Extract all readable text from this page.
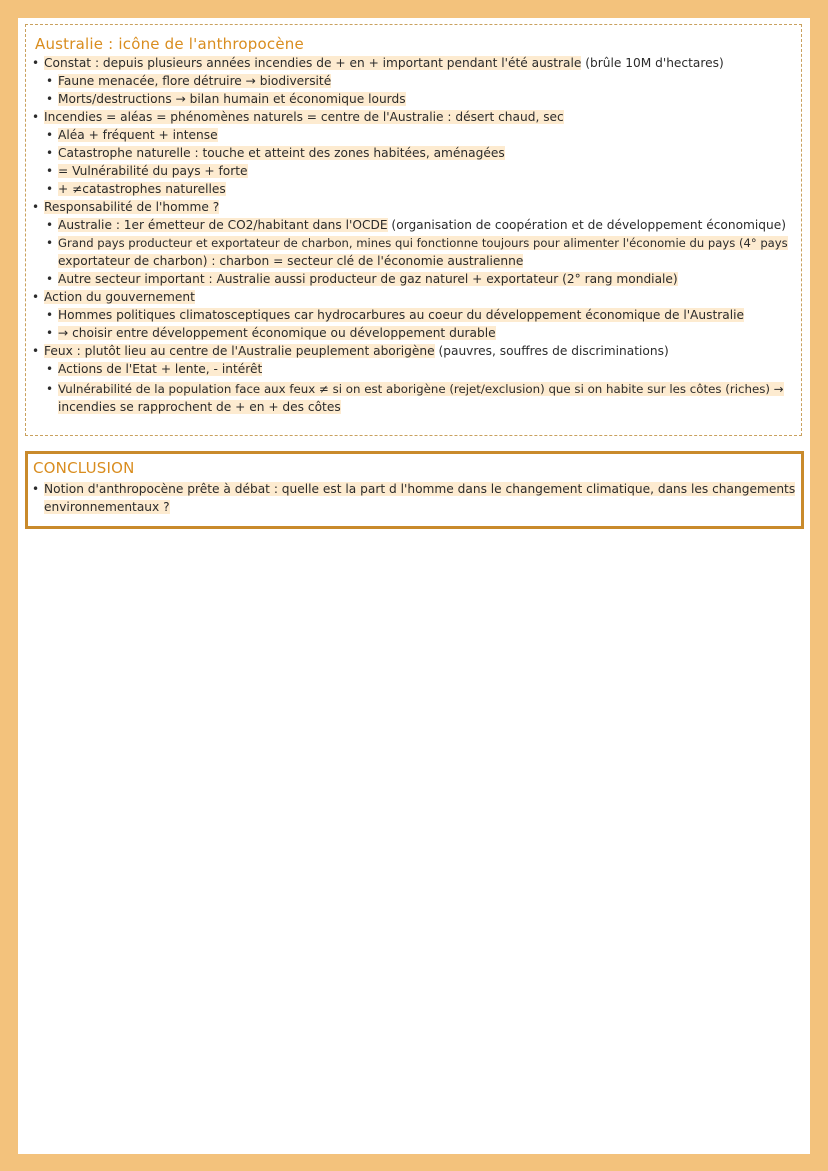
Australie : icône de l'anthropocène
• Constat : depuis plusieurs années incendies de + en + important pendant l'été australe (brûle 10M d'hectares)
• Faune menacée, flore détruire → biodiversité
• Morts/destructions → bilan humain et économique lourds
• Incendies = aléas = phénomènes naturels = centre de l'Australie : désert chaud, sec
• Aléa + fréquent + intense
• Catastrophe naturelle : touche et atteint des zones habitées, aménagées
• = Vulnérabilité du pays + forte
• + ≠catastrophes naturelles
• Responsabilité de l'homme ?
• Australie : 1er émetteur de CO2/habitant dans l'OCDE (organisation de coopération et de développement économique)
• Grand pays producteur et exportateur de charbon, mines qui fonctionne toujours pour alimenter l'économie du pays (4° pays
exportateur de charbon) : charbon = secteur clé de l'économie australienne
• Autre secteur important : Australie aussi producteur de gaz naturel + exportateur (2° rang mondiale)
• Action du gouvernement
• Hommes politiques climatosceptiques car hydrocarbures au coeur du développement économique de l'Australie
• → choisir entre développement économique ou développement durable
• Feux : plutôt lieu au centre de l'Australie peuplement aborigène (pauvres, souffres de discriminations)
• Actions de l'Etat + lente, - intérêt
• Vulnérabilité de la population face aux feux ≠ si on est aborigène (rejet/exclusion) que si on habite sur les côtes (riches) →
incendies se rapprochent de + en + des côtes
CONCLUSION
• Notion d'anthropocène prête à débat : quelle est la part d l'homme dans le changement climatique, dans les changements
environnementaux ?
